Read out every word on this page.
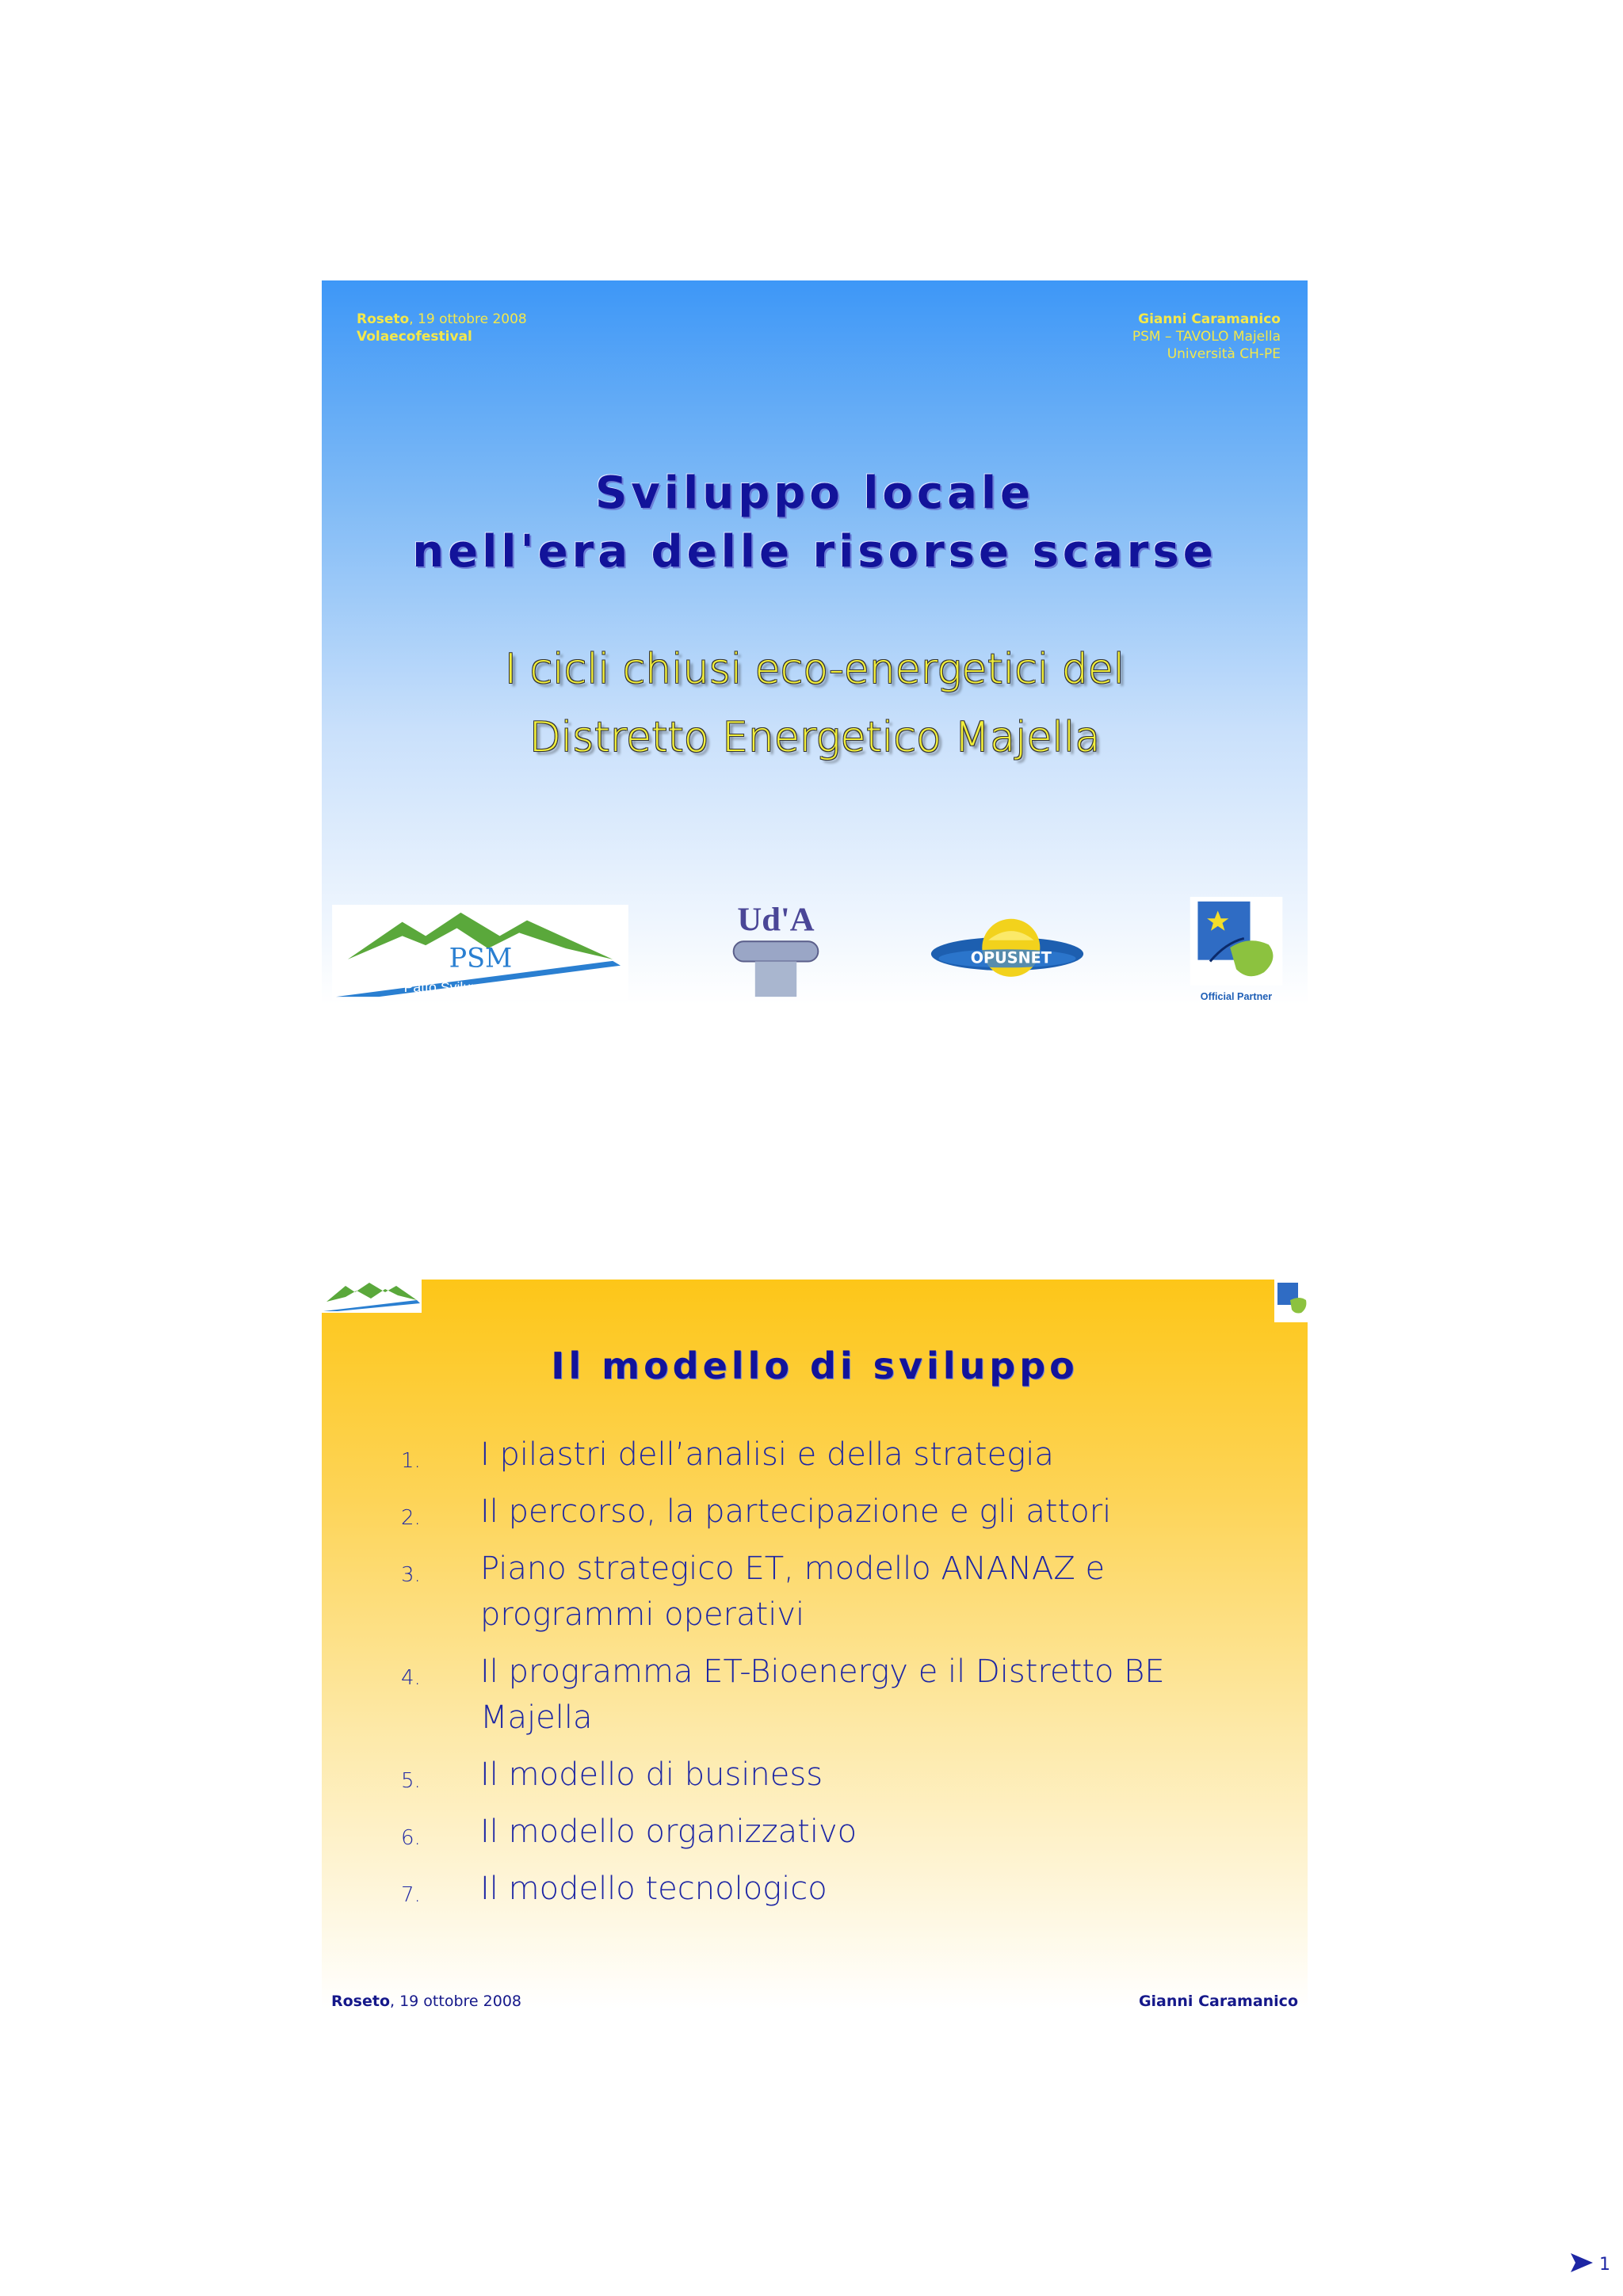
Roseto, 19 ottobre 2008
Volaecofestival
Gianni Caramanico
PSM – TAVOLO Majella
Università CH-PE
Sviluppo locale
nell'era delle risorse scarse
I cicli chiusi eco-energetici del
Distretto Energetico Majella
PSM
Patto Sviluppo MAJELLA
Ud'A
OPUSNET
Official Partner
Il modello di sviluppo
1. I pilastri dell’analisi e della strategia
2. Il percorso, la partecipazione e gli attori
3. Piano strategico ET, modello ANANAZ e programmi operativi
4. Il programma ET-Bioenergy e il Distretto BE Majella
5. Il modello di business
6. Il modello organizzativo
7. Il modello tecnologico
Roseto, 19 ottobre 2008	Gianni Caramanico
1
